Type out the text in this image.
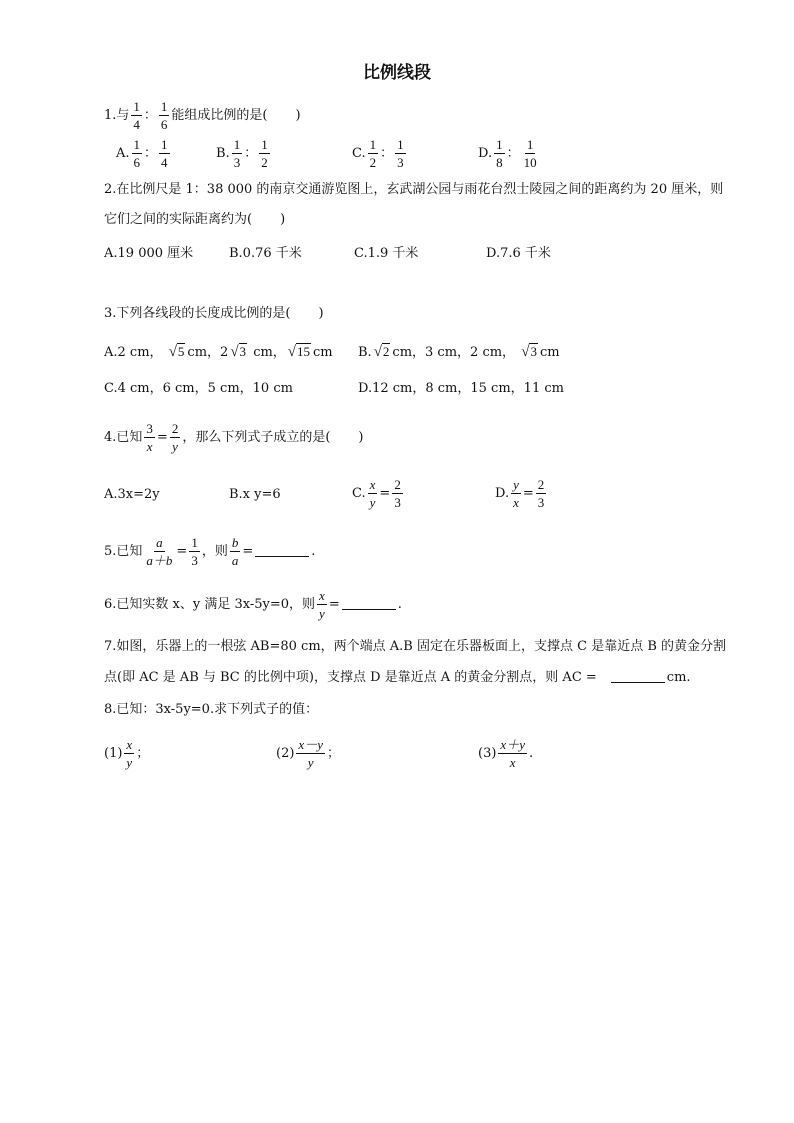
比例线段
1.与 $\frac{1}{4}$ ： $\frac{1}{6}$ 能组成比例的是( )
A. $\frac{1}{6}$ ： $\frac{1}{4}$	B. $\frac{1}{3}$ ： $\frac{1}{2}$	C. $\frac{1}{2}$ ： $\frac{1}{3}$	D. $\frac{1}{8}$ ： $\frac{1}{10}$
2.在比例尺是 1：38 000 的南京交通游览图上，玄武湖公园与雨花台烈士陵园之间的距离约为 20 厘米，则
它们之间的实际距离约为( )
A.19 000 厘米	B.0.76 千米	C.1.9 千米	D.7.6 千米
3.下列各线段的长度成比例的是( )
A.2 cm， √5 cm，2 √3 cm， √15 cm B. √2 cm，3 cm，2 cm， √3 cm
C.4 cm，6 cm，5 cm，10 cm	D.12 cm，8 cm，15 cm，11 cm
4.已知 $\frac{3}{x} = \frac{2}{y}$ ，那么下列式子成立的是( )
A.3x=2y	B.x y=6	C. $\frac{x}{y} = \frac{2}{3}$	D. $\frac{y}{x} = \frac{2}{3}$
5.已知 $\frac{a}{a+b} = \frac{1}{3}$ ，则 $\frac{b}{a}$ =	.
6.已知实数 x、y 满足 3x-5y=0，则 $\frac{x}{y}$ =	.
7.如图，乐器上的一根弦 AB=80 cm，两个端点 A.B 固定在乐器板面上，支撑点 C 是靠近点 B 的黄金分割
点(即 AC 是 AB 与 BC 的比例中项)，支撑点 D 是靠近点 A 的黄金分割点，则 AC =	cm.
8.已知：3x-5y=0.求下列式子的值：
$(1) \frac{x}{y}$ ；	$(2) \frac{x-y}{y}$ ；	$(3) \frac{x+y}{x}$ .
